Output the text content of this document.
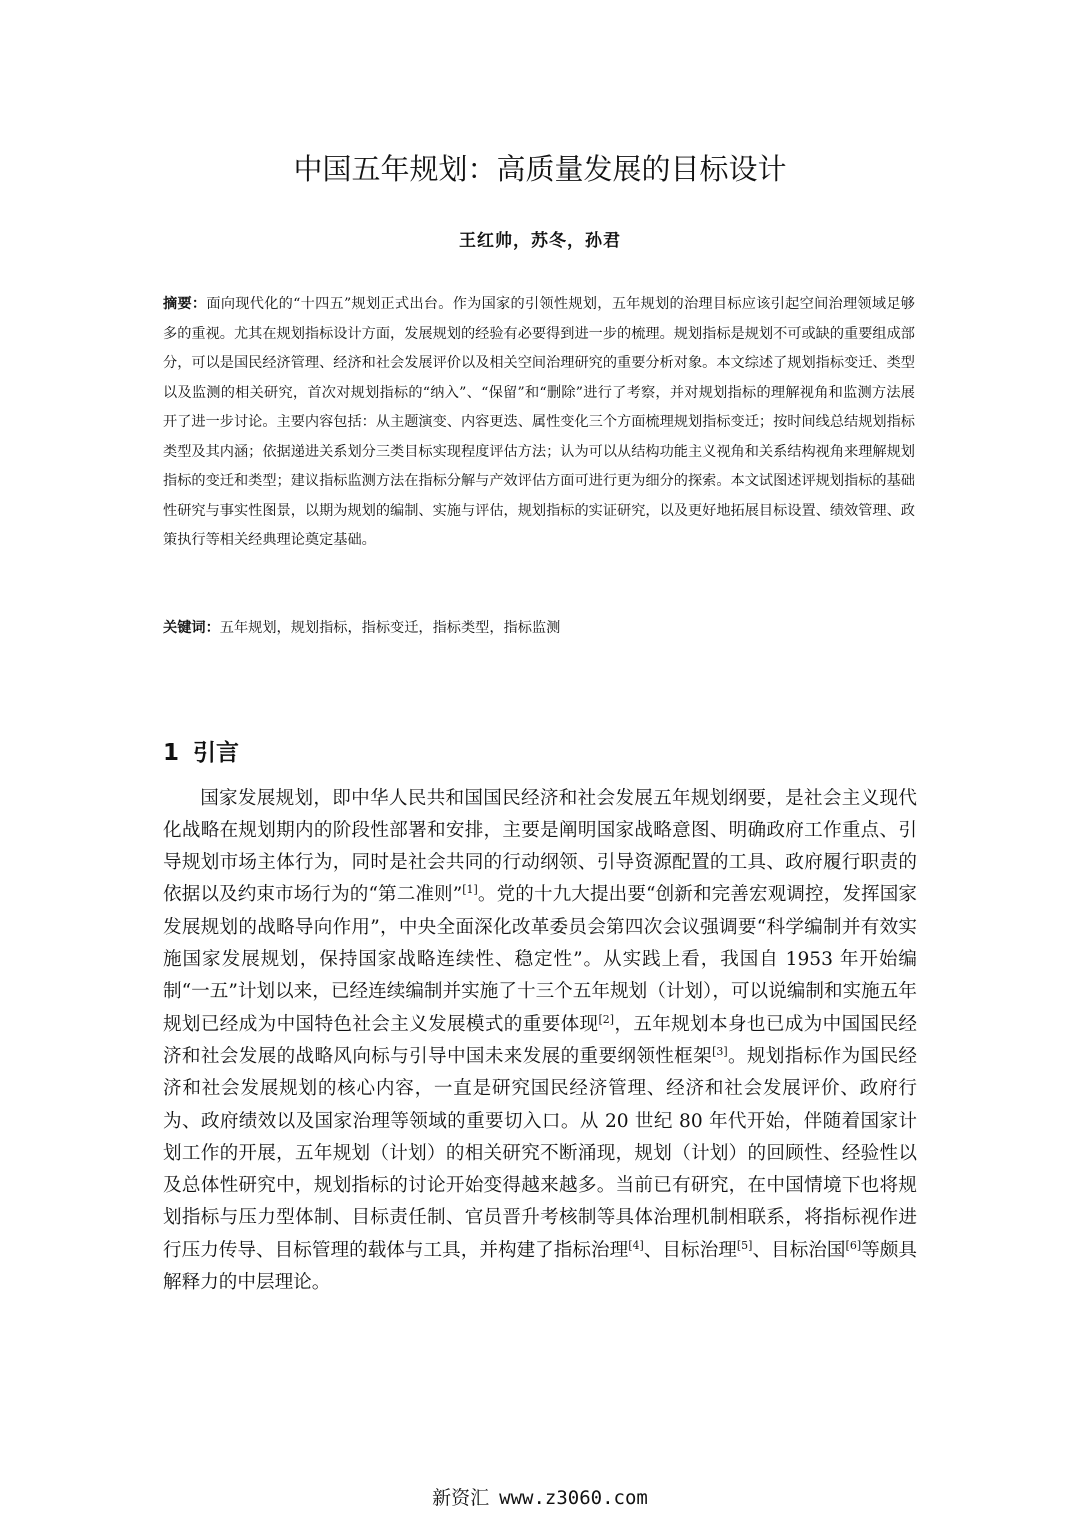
中国五年规划：高质量发展的目标设计
王红帅，苏冬，孙君
摘要：面向现代化的“十四五”规划正式出台。作为国家的引领性规划，五年规划的治理目标应该引起空间治理领域足够多的重视。尤其在规划指标设计方面，发展规划的经验有必要得到进一步的梳理。规划指标是规划不可或缺的重要组成部分，可以是国民经济管理、经济和社会发展评价以及相关空间治理研究的重要分析对象。本文综述了规划指标变迁、类型以及监测的相关研究，首次对规划指标的“纳入”、“保留”和“删除”进行了考察，并对规划指标的理解视角和监测方法展开了进一步讨论。主要内容包括：从主题演变、内容更迭、属性变化三个方面梳理规划指标变迁；按时间线总结规划指标类型及其内涵；依据递进关系划分三类目标实现程度评估方法；认为可以从结构功能主义视角和关系结构视角来理解规划指标的变迁和类型；建议指标监测方法在指标分解与产效评估方面可进行更为细分的探索。本文试图述评规划指标的基础性研究与事实性图景，以期为规划的编制、实施与评估，规划指标的实证研究，以及更好地拓展目标设置、绩效管理、政策执行等相关经典理论奠定基础。
关键词：五年规划，规划指标，指标变迁，指标类型，指标监测
1 引言

国家发展规划，即中华人民共和国国民经济和社会发展五年规划纲要，是社会主义现代化战略在规划期内的阶段性部署和安排，主要是阐明国家战略意图、明确政府工作重点、引导规划市场主体行为，同时是社会共同的行动纲领、引导资源配置的工具、政府履行职责的依据以及约束市场行为的“第二准则”[1]。党的十九大提出要“创新和完善宏观调控，发挥国家发展规划的战略导向作用”，中央全面深化改革委员会第四次会议强调要“科学编制并有效实施国家发展规划，保持国家战略连续性、稳定性”。从实践上看，我国自 1953 年开始编制“一五”计划以来，已经连续编制并实施了十三个五年规划（计划），可以说编制和实施五年规划已经成为中国特色社会主义发展模式的重要体现[2]，五年规划本身也已成为中国国民经济和社会发展的战略风向标与引导中国未来发展的重要纲领性框架[3]。规划指标作为国民经济和社会发展规划的核心内容，一直是研究国民经济管理、经济和社会发展评价、政府行为、政府绩效以及国家治理等领域的重要切入口。从 20 世纪 80 年代开始，伴随着国家计划工作的开展，五年规划（计划）的相关研究不断涌现，规划（计划）的回顾性、经验性以及总体性研究中，规划指标的讨论开始变得越来越多。当前已有研究，在中国情境下也将规划指标与压力型体制、目标责任制、官员晋升考核制等具体治理机制相联系，将指标视作进行压力传导、目标管理的载体与工具，并构建了指标治理[4]、目标治理[5]、目标治国[6]等颇具解释力的中层理论。

新资汇 www.z3060.com
